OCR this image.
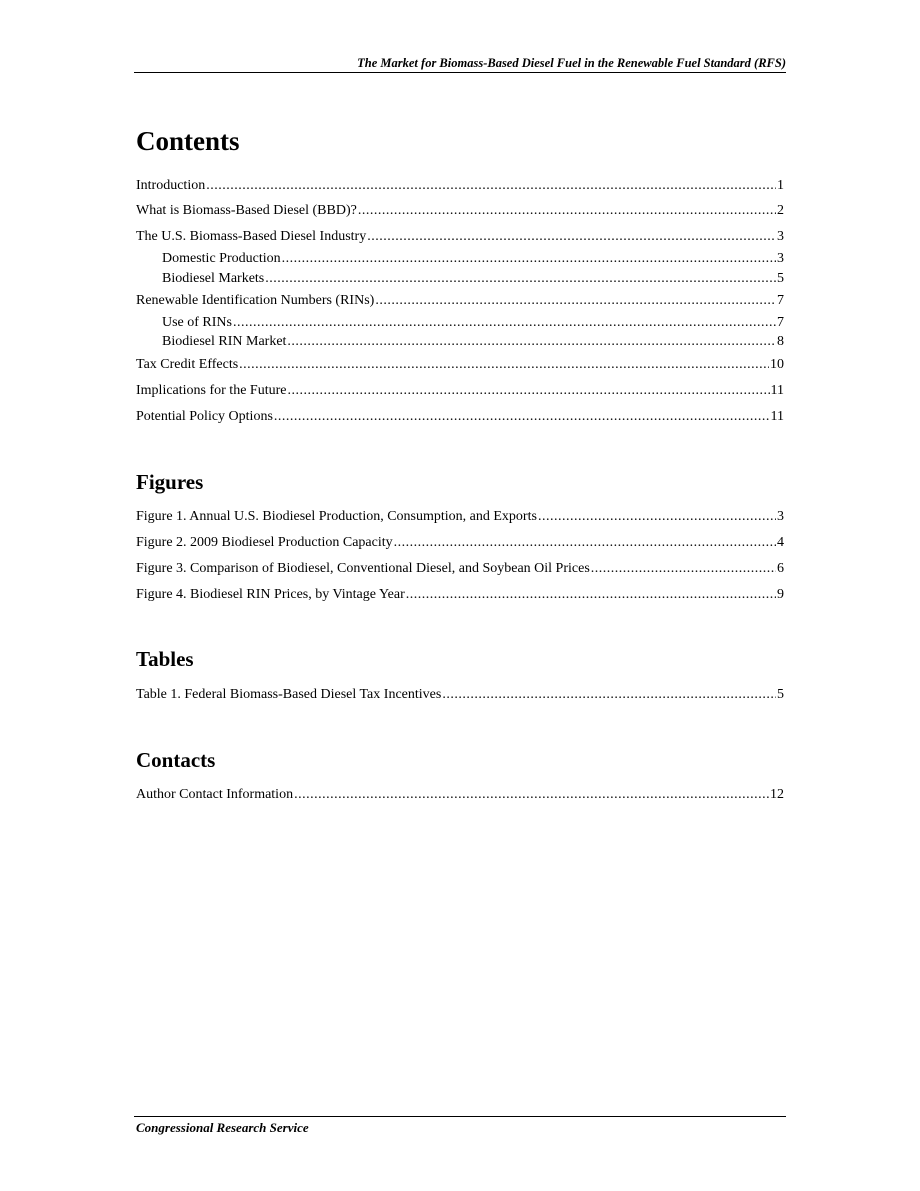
The Market for Biomass-Based Diesel Fuel in the Renewable Fuel Standard (RFS)
Contents
Introduction .....	1
What is Biomass-Based Diesel (BBD)? .....	2
The U.S. Biomass-Based Diesel Industry .....	3
Domestic Production .....	3
Biodiesel Markets .....	5
Renewable Identification Numbers (RINs) .....	7
Use of RINs .....	7
Biodiesel RIN Market .....	8
Tax Credit Effects .....	10
Implications for the Future .....	11
Potential Policy Options .....	11
Figures
Figure 1. Annual U.S. Biodiesel Production, Consumption, and Exports .....	3
Figure 2. 2009 Biodiesel Production Capacity .....	4
Figure 3. Comparison of Biodiesel, Conventional Diesel, and Soybean Oil Prices .....	6
Figure 4. Biodiesel RIN Prices, by Vintage Year .....	9
Tables
Table 1. Federal Biomass-Based Diesel Tax Incentives .....	5
Contacts
Author Contact Information .....	12
Congressional Research Service
